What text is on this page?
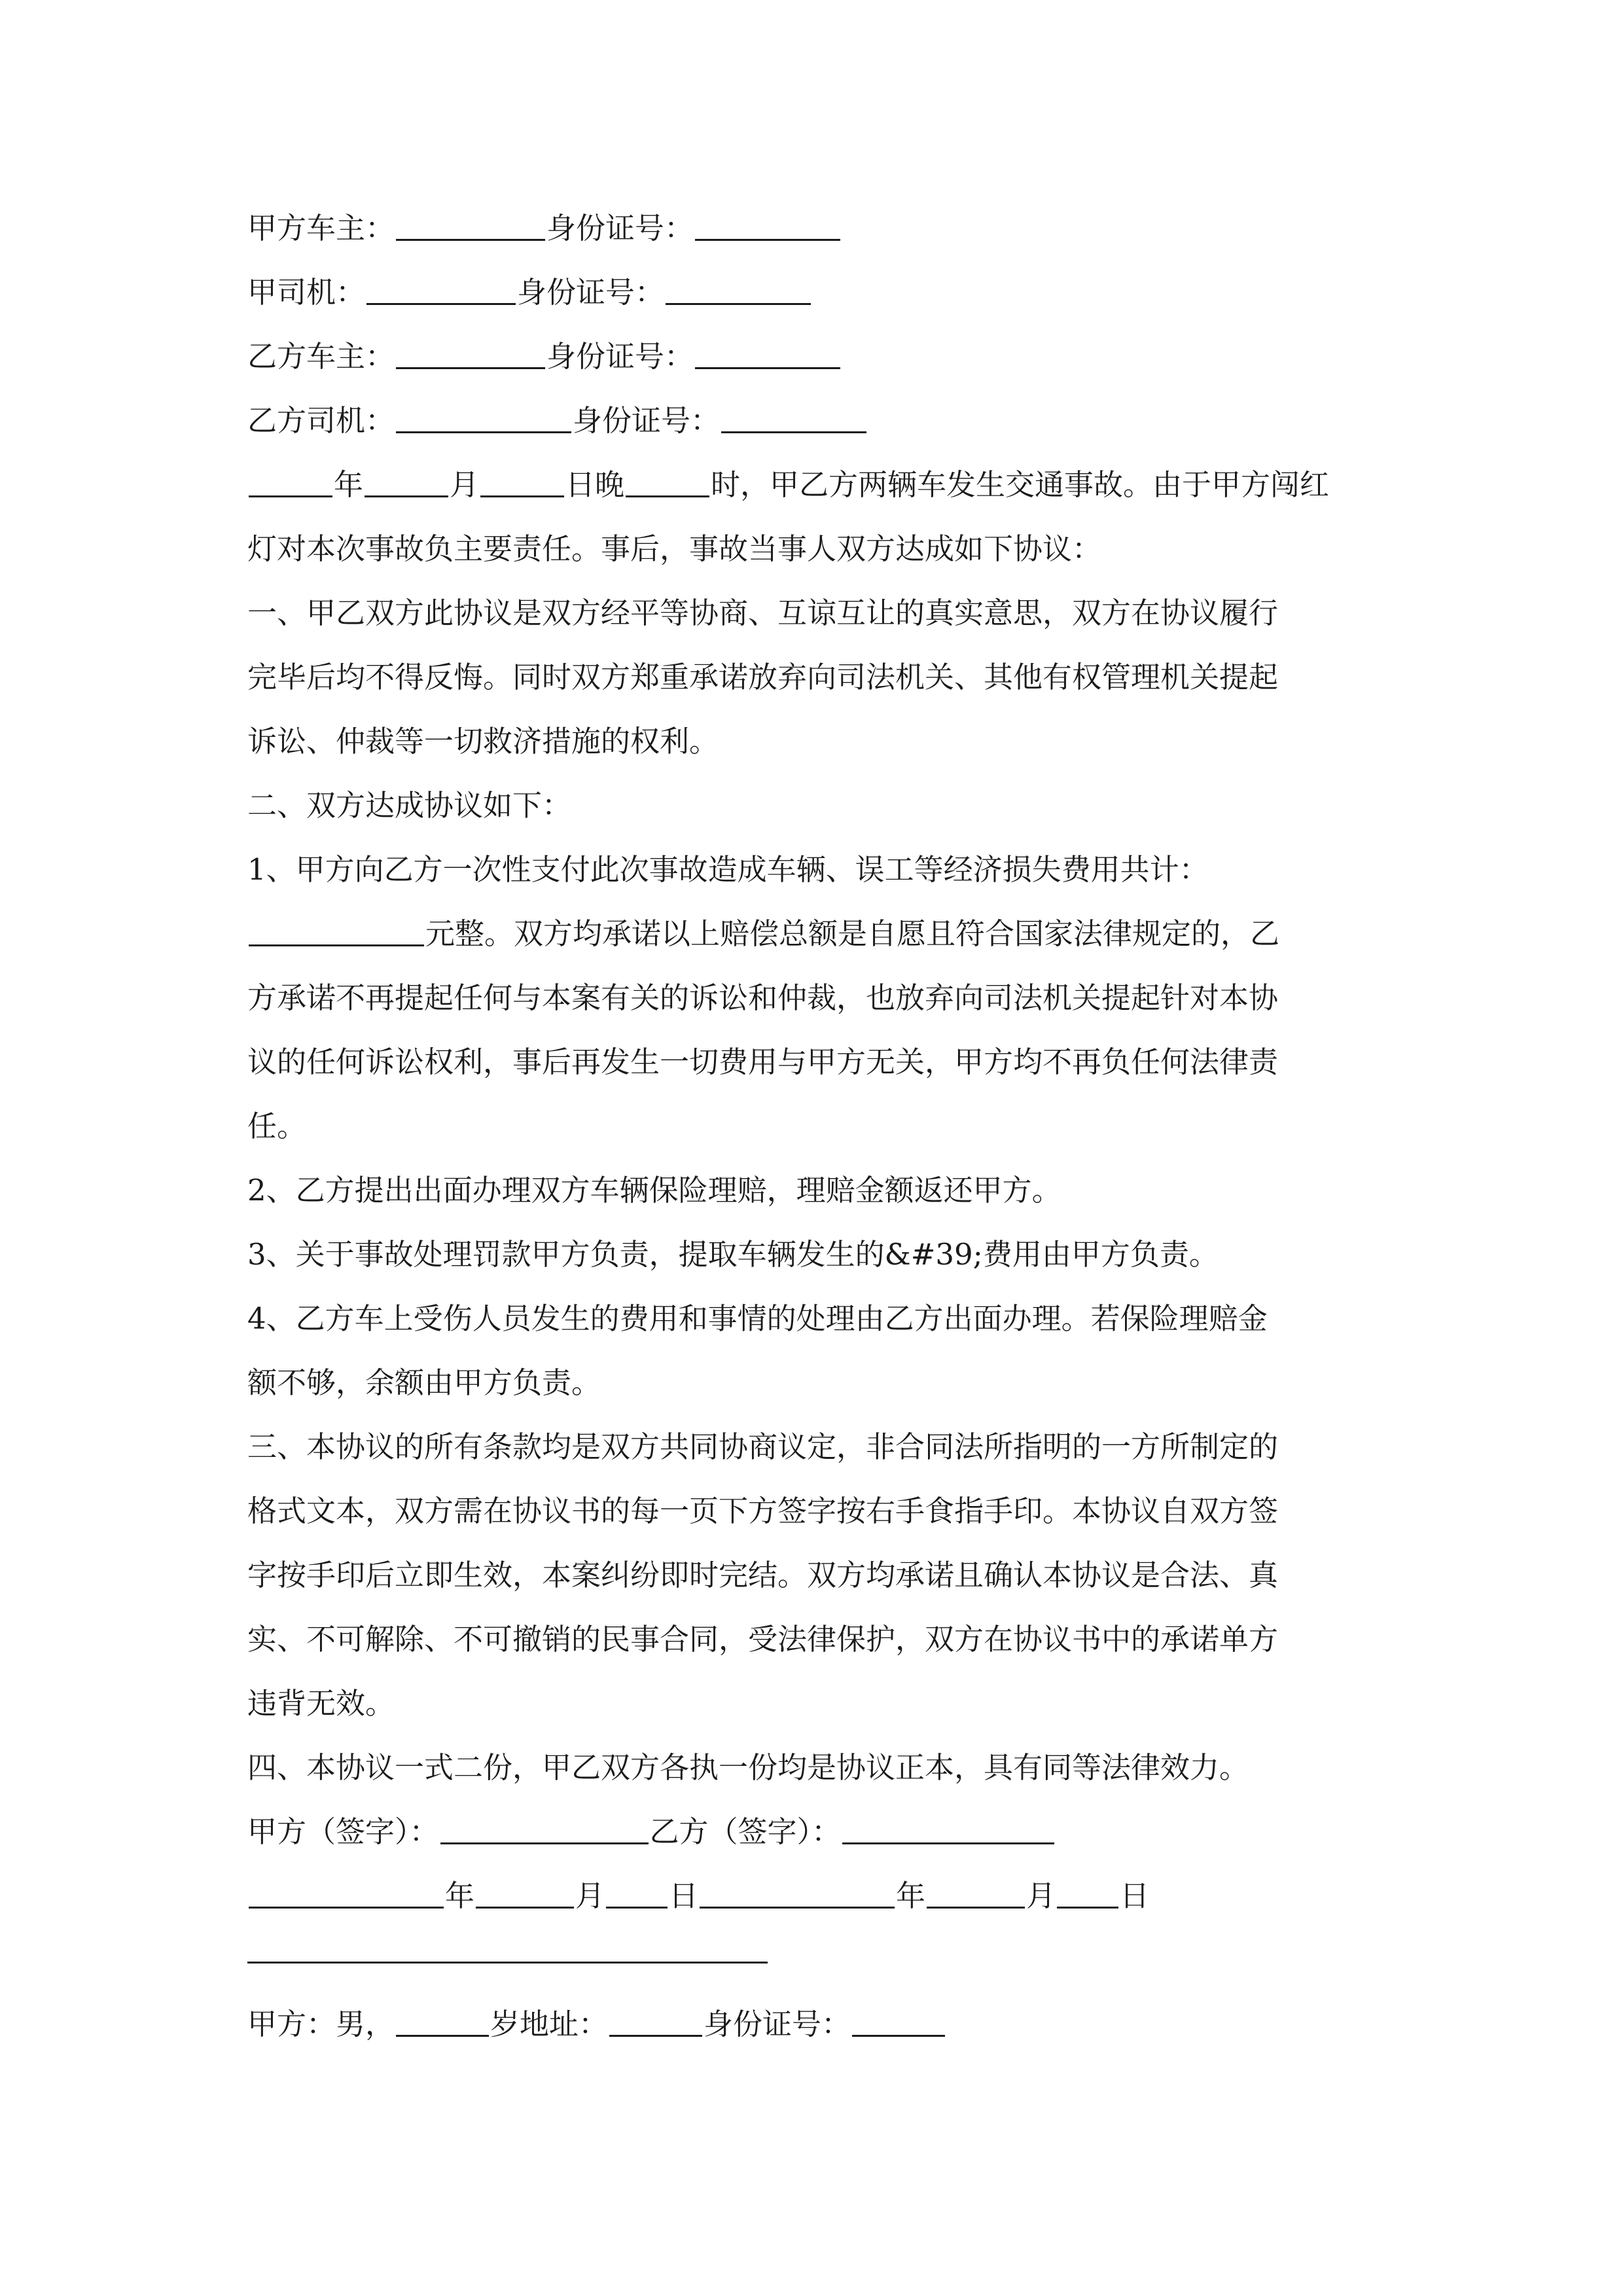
甲方车主：	身份证号：
甲司机：	身份证号：
乙方车主：	身份证号：
乙方司机：	身份证号：
年	月	日晚	时，甲乙方两辆车发生交通事故。由于甲方闯红
灯对本次事故负主要责任。事后，事故当事人双方达成如下协议：
一、甲乙双方此协议是双方经平等协商、互谅互让的真实意思，双方在协议履行
完毕后均不得反悔。同时双方郑重承诺放弃向司法机关、其他有权管理机关提起
诉讼、仲裁等一切救济措施的权利。
二、双方达成协议如下：
1、甲方向乙方一次性支付此次事故造成车辆、误工等经济损失费用共计：
元整。双方均承诺以上赔偿总额是自愿且符合国家法律规定的，乙
方承诺不再提起任何与本案有关的诉讼和仲裁，也放弃向司法机关提起针对本协
议的任何诉讼权利，事后再发生一切费用与甲方无关，甲方均不再负任何法律责
任。
2、乙方提出出面办理双方车辆保险理赔，理赔金额返还甲方。
3、关于事故处理罚款甲方负责，提取车辆发生的&#39;费用由甲方负责。
4、乙方车上受伤人员发生的费用和事情的处理由乙方出面办理。若保险理赔金
额不够，余额由甲方负责。
三、本协议的所有条款均是双方共同协商议定，非合同法所指明的一方所制定的
格式文本，双方需在协议书的每一页下方签字按右手食指手印。本协议自双方签
字按手印后立即生效，本案纠纷即时完结。双方均承诺且确认本协议是合法、真
实、不可解除、不可撤销的民事合同，受法律保护，双方在协议书中的承诺单方
违背无效。
四、本协议一式二份，甲乙双方各执一份均是协议正本，具有同等法律效力。
甲方（签字）：	乙方（签字）：
年	月 日	年	月 日
甲方：男，	岁地址：	身份证号：
